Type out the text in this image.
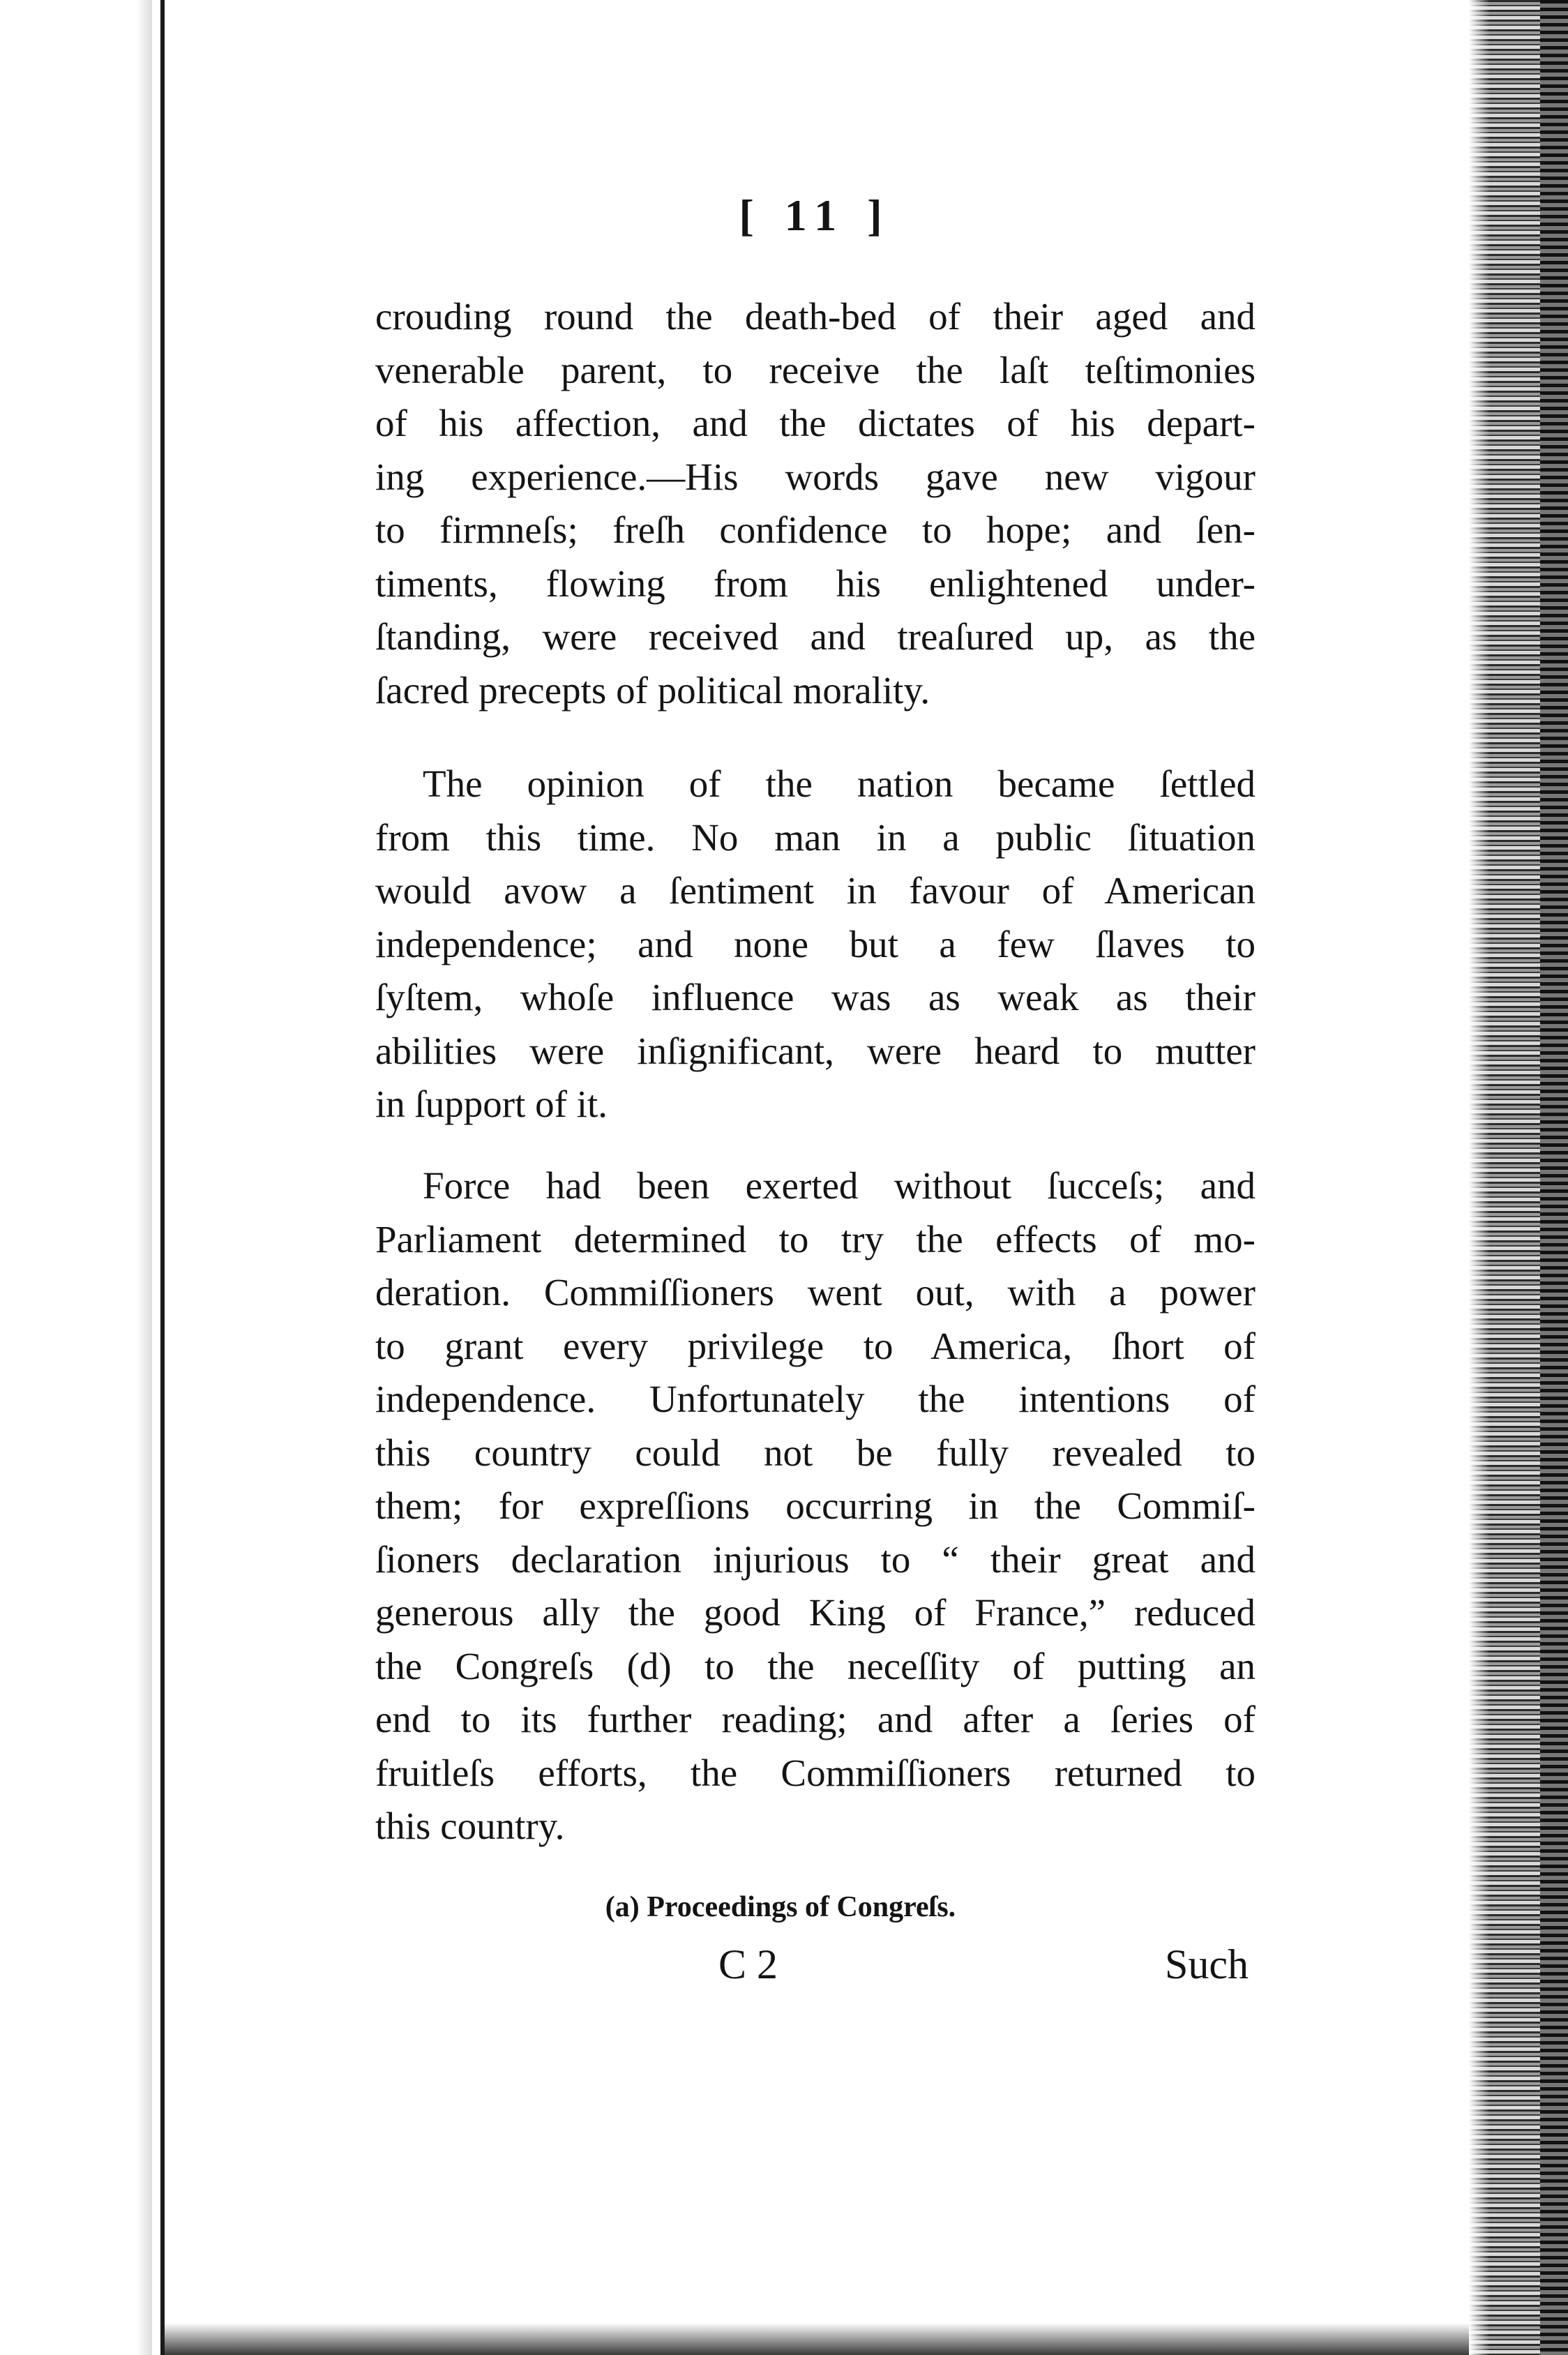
[ 11 ]
crouding round the death-bed of their aged and
venerable parent, to receive the laſt teſtimonies
of his affection, and the dictates of his depart-
ing experience.—His words gave new vigour
to firmneſs; freſh confidence to hope; and ſen-
timents, flowing from his enlightened under-
ſtanding, were received and treaſured up, as the
ſacred precepts of political morality.
The opinion of the nation became ſettled
from this time. No man in a public ſituation
would avow a ſentiment in favour of American
independence; and none but a few ſlaves to
ſyſtem, whoſe influence was as weak as their
abilities were inſignificant, were heard to mutter
in ſupport of it.
Force had been exerted without ſucceſs; and
Parliament determined to try the effects of mo-
deration. Commiſſioners went out, with a power
to grant every privilege to America, ſhort of
independence. Unfortunately the intentions of
this country could not be fully revealed to
them; for expreſſions occurring in the Commiſ-
ſioners declaration injurious to “ their great and
generous ally the good King of France,” reduced
the Congreſs (d) to the neceſſity of putting an
end to its further reading; and after a ſeries of
fruitleſs efforts, the Commiſſioners returned to
this country.
(a) Proceedings of Congreſs.
C 2	Such
